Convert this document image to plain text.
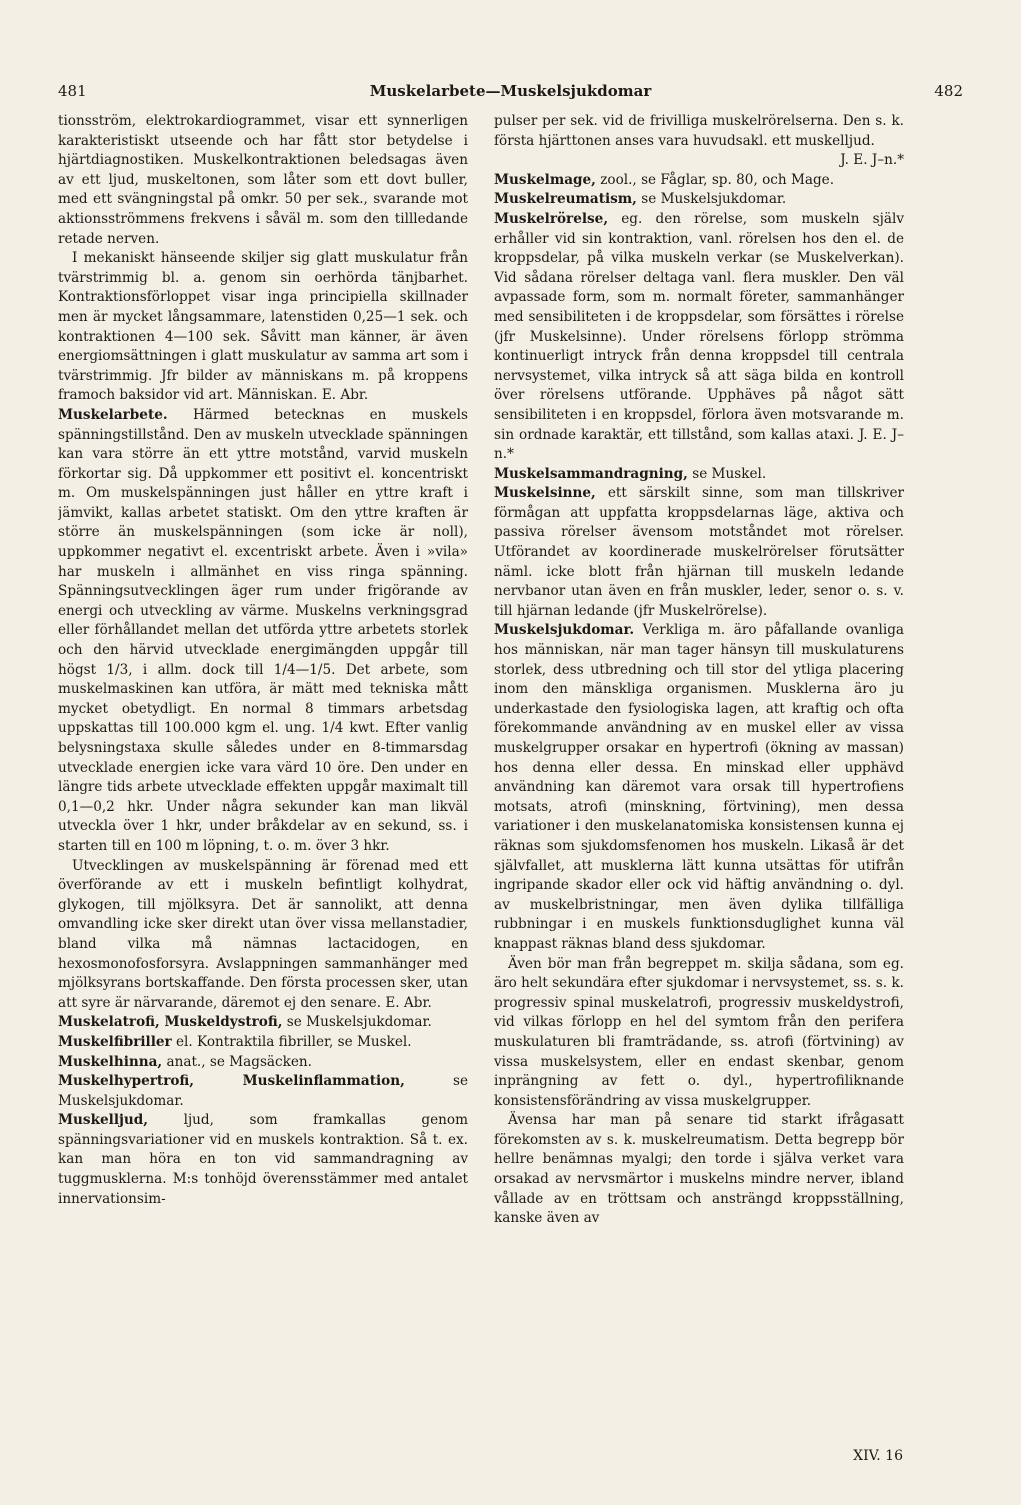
481	Muskelarbete—Muskelsjukdomar	482

tionsström, elektrokardiogrammet, visar ett synnerligen karakteristiskt utseende och har fått stor betydelse i hjärtdiagnostiken. Muskelkontraktionen beledsagas även av ett ljud, muskeltonen, som låter som ett dovt buller, med ett svängningstal på omkr. 50 per sek., svarande mot aktionsströmmens frekvens i såväl m. som den tillledande retade nerven.

I mekaniskt hänseende skiljer sig glatt muskulatur från tvärstrimmig bl. a. genom sin oerhörda tänjbarhet. Kontraktionsförloppet visar inga principiella skillnader men är mycket långsammare, latenstiden 0,25—1 sek. och kontraktionen 4—100 sek. Såvitt man känner, är även energiomsättningen i glatt muskulatur av samma art som i tvärstrimmig. Jfr bilder av människans m. på kroppens framoch baksidor vid art. Människan. E. Abr.

Muskelarbete. Härmed betecknas en muskels spänningstillstånd. Den av muskeln utvecklade spänningen kan vara större än ett yttre motstånd, varvid muskeln förkortar sig. Då uppkommer ett positivt el. koncentriskt m. Om muskelspänningen just håller en yttre kraft i jämvikt, kallas arbetet statiskt. Om den yttre kraften är större än muskelspänningen (som icke är noll), uppkommer negativt el. excentriskt arbete. Även i »vila» har muskeln i allmänhet en viss ringa spänning. Spänningsutvecklingen äger rum under frigörande av energi och utveckling av värme. Muskelns verkningsgrad eller förhållandet mellan det utförda yttre arbetets storlek och den härvid utvecklade energimängden uppgår till högst 1/3, i allm. dock till 1/4—1/5. Det arbete, som muskelmaskinen kan utföra, är mätt med tekniska mått mycket obetydligt. En normal 8 timmars arbetsdag uppskattas till 100.000 kgm el. ung. 1/4 kwt. Efter vanlig belysningstaxa skulle således under en 8-timmarsdag utvecklade energien icke vara värd 10 öre. Den under en längre tids arbete utvecklade effekten uppgår maximalt till 0,1—0,2 hkr. Under några sekunder kan man likväl utveckla över 1 hkr, under bråkdelar av en sekund, ss. i starten till en 100 m löpning, t. o. m. över 3 hkr.

Utvecklingen av muskelspänning är förenad med ett överförande av ett i muskeln befintligt kolhydrat, glykogen, till mjölksyra. Det är sannolikt, att denna omvandling icke sker direkt utan över vissa mellanstadier, bland vilka må nämnas lactacidogen, en hexosmonofosforsyra. Avslappningen sammanhänger med mjölksyrans bortskaffande. Den första processen sker, utan att syre är närvarande, däremot ej den senare. E. Abr.

Muskelatrofi, Muskeldystrofi, se Muskelsjukdomar.

Muskelfibriller el. Kontraktila fibriller, se Muskel.

Muskelhinna, anat., se Magsäcken.

Muskelhypertrofi, Muskelinflammation, se Muskelsjukdomar.

Muskelljud, ljud, som framkallas genom spänningsvariationer vid en muskels kontraktion. Så t. ex. kan man höra en ton vid sammandragning av tuggmusklerna. M:s tonhöjd överensstämmer med antalet innervationsim-

pulser per sek. vid de frivilliga muskelrörelserna. Den s. k. första hjärttonen anses vara huvudsakl. ett muskelljud.

J. E. J–n.*

Muskelmage, zool., se Fåglar, sp. 80, och Mage.

Muskelreumatism, se Muskelsjukdomar.

Muskelrörelse, eg. den rörelse, som muskeln själv erhåller vid sin kontraktion, vanl. rörelsen hos den el. de kroppsdelar, på vilka muskeln verkar (se Muskelverkan). Vid sådana rörelser deltaga vanl. flera muskler. Den väl avpassade form, som m. normalt företer, sammanhänger med sensibiliteten i de kroppsdelar, som försättes i rörelse (jfr Muskelsinne). Under rörelsens förlopp strömma kontinuerligt intryck från denna kroppsdel till centrala nervsystemet, vilka intryck så att säga bilda en kontroll över rörelsens utförande. Upphäves på något sätt sensibiliteten i en kroppsdel, förlora även motsvarande m. sin ordnade karaktär, ett tillstånd, som kallas ataxi. J. E. J–n.*

Muskelsammandragning, se Muskel.

Muskelsinne, ett särskilt sinne, som man tillskriver förmågan att uppfatta kroppsdelarnas läge, aktiva och passiva rörelser ävensom motståndet mot rörelser. Utförandet av koordinerade muskelrörelser förutsätter näml. icke blott från hjärnan till muskeln ledande nervbanor utan även en från muskler, leder, senor o. s. v. till hjärnan ledande (jfr Muskelrörelse).

Muskelsjukdomar. Verkliga m. äro påfallande ovanliga hos människan, när man tager hänsyn till muskulaturens storlek, dess utbredning och till stor del ytliga placering inom den mänskliga organismen. Musklerna äro ju underkastade den fysiologiska lagen, att kraftig och ofta förekommande användning av en muskel eller av vissa muskelgrupper orsakar en hypertrofi (ökning av massan) hos denna eller dessa. En minskad eller upphävd användning kan däremot vara orsak till hypertrofiens motsats, atrofi (minskning, förtvining), men dessa variationer i den muskelanatomiska konsistensen kunna ej räknas som sjukdomsfenomen hos muskeln. Likaså är det självfallet, att musklerna lätt kunna utsättas för utifrån ingripande skador eller ock vid häftig användning o. dyl. av muskelbristningar, men även dylika tillfälliga rubbningar i en muskels funktionsduglighet kunna väl knappast räknas bland dess sjukdomar.

Även bör man från begreppet m. skilja sådana, som eg. äro helt sekundära efter sjukdomar i nervsystemet, ss. s. k. progressiv spinal muskelatrofi, progressiv muskeldystrofi, vid vilkas förlopp en hel del symtom från den perifera muskulaturen bli framträdande, ss. atrofi (förtvining) av vissa muskelsystem, eller en endast skenbar, genom inprängning av fett o. dyl., hypertrofiliknande konsistensförändring av vissa muskelgrupper.

Ävensa har man på senare tid starkt ifrågasatt förekomsten av s. k. muskelreumatism. Detta begrepp bör hellre benämnas myalgi; den torde i själva verket vara orsakad av nervsmärtor i muskelns mindre nerver, ibland vållade av en tröttsam och ansträngd kroppsställning, kanske även av

XIV. 16
